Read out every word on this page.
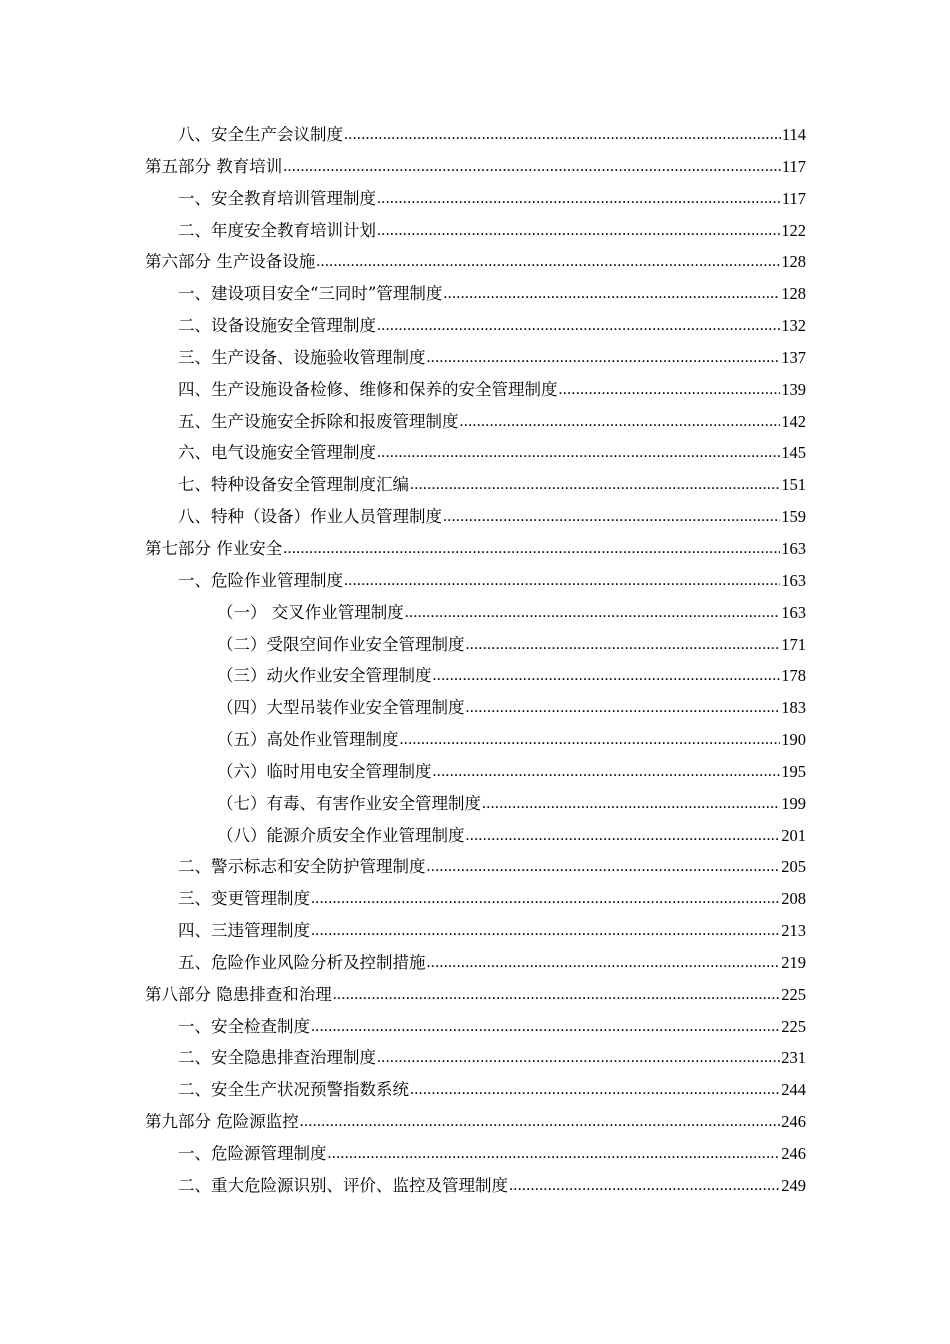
八、安全生产会议制度 .....	114
第五部分 教育培训 .....	117
一、安全教育培训管理制度 .....	117
二、年度安全教育培训计划 .....	122
第六部分 生产设备设施 .....	128
一、建设项目安全“三同时”管理制度 .....	128
二、设备设施安全管理制度 .....	132
三、生产设备、设施验收管理制度 .....	137
四、生产设施设备检修、维修和保养的安全管理制度 .....	139
五、生产设施安全拆除和报废管理制度 .....	142
六、电气设施安全管理制度 .....	145
七、特种设备安全管理制度汇编 .....	151
八、特种（设备）作业人员管理制度 .....	159
第七部分 作业安全 .....	163
一、危险作业管理制度 .....	163
（一） 交叉作业管理制度 .....	163
（二）受限空间作业安全管理制度 .....	171
（三）动火作业安全管理制度 .....	178
（四）大型吊装作业安全管理制度 .....	183
（五）高处作业管理制度 .....	190
（六）临时用电安全管理制度 .....	195
（七）有毒、有害作业安全管理制度 .....	199
（八）能源介质安全作业管理制度 .....	201
二、警示标志和安全防护管理制度 .....	205
三、变更管理制度 .....	208
四、三违管理制度 .....	213
五、危险作业风险分析及控制措施 .....	219
第八部分 隐患排查和治理 .....	225
一、安全检查制度 .....	225
二、安全隐患排查治理制度 .....	231
二、安全生产状况预警指数系统 .....	244
第九部分 危险源监控 .....	246
一、危险源管理制度 .....	246
二、重大危险源识别、评价、监控及管理制度 .....	249
